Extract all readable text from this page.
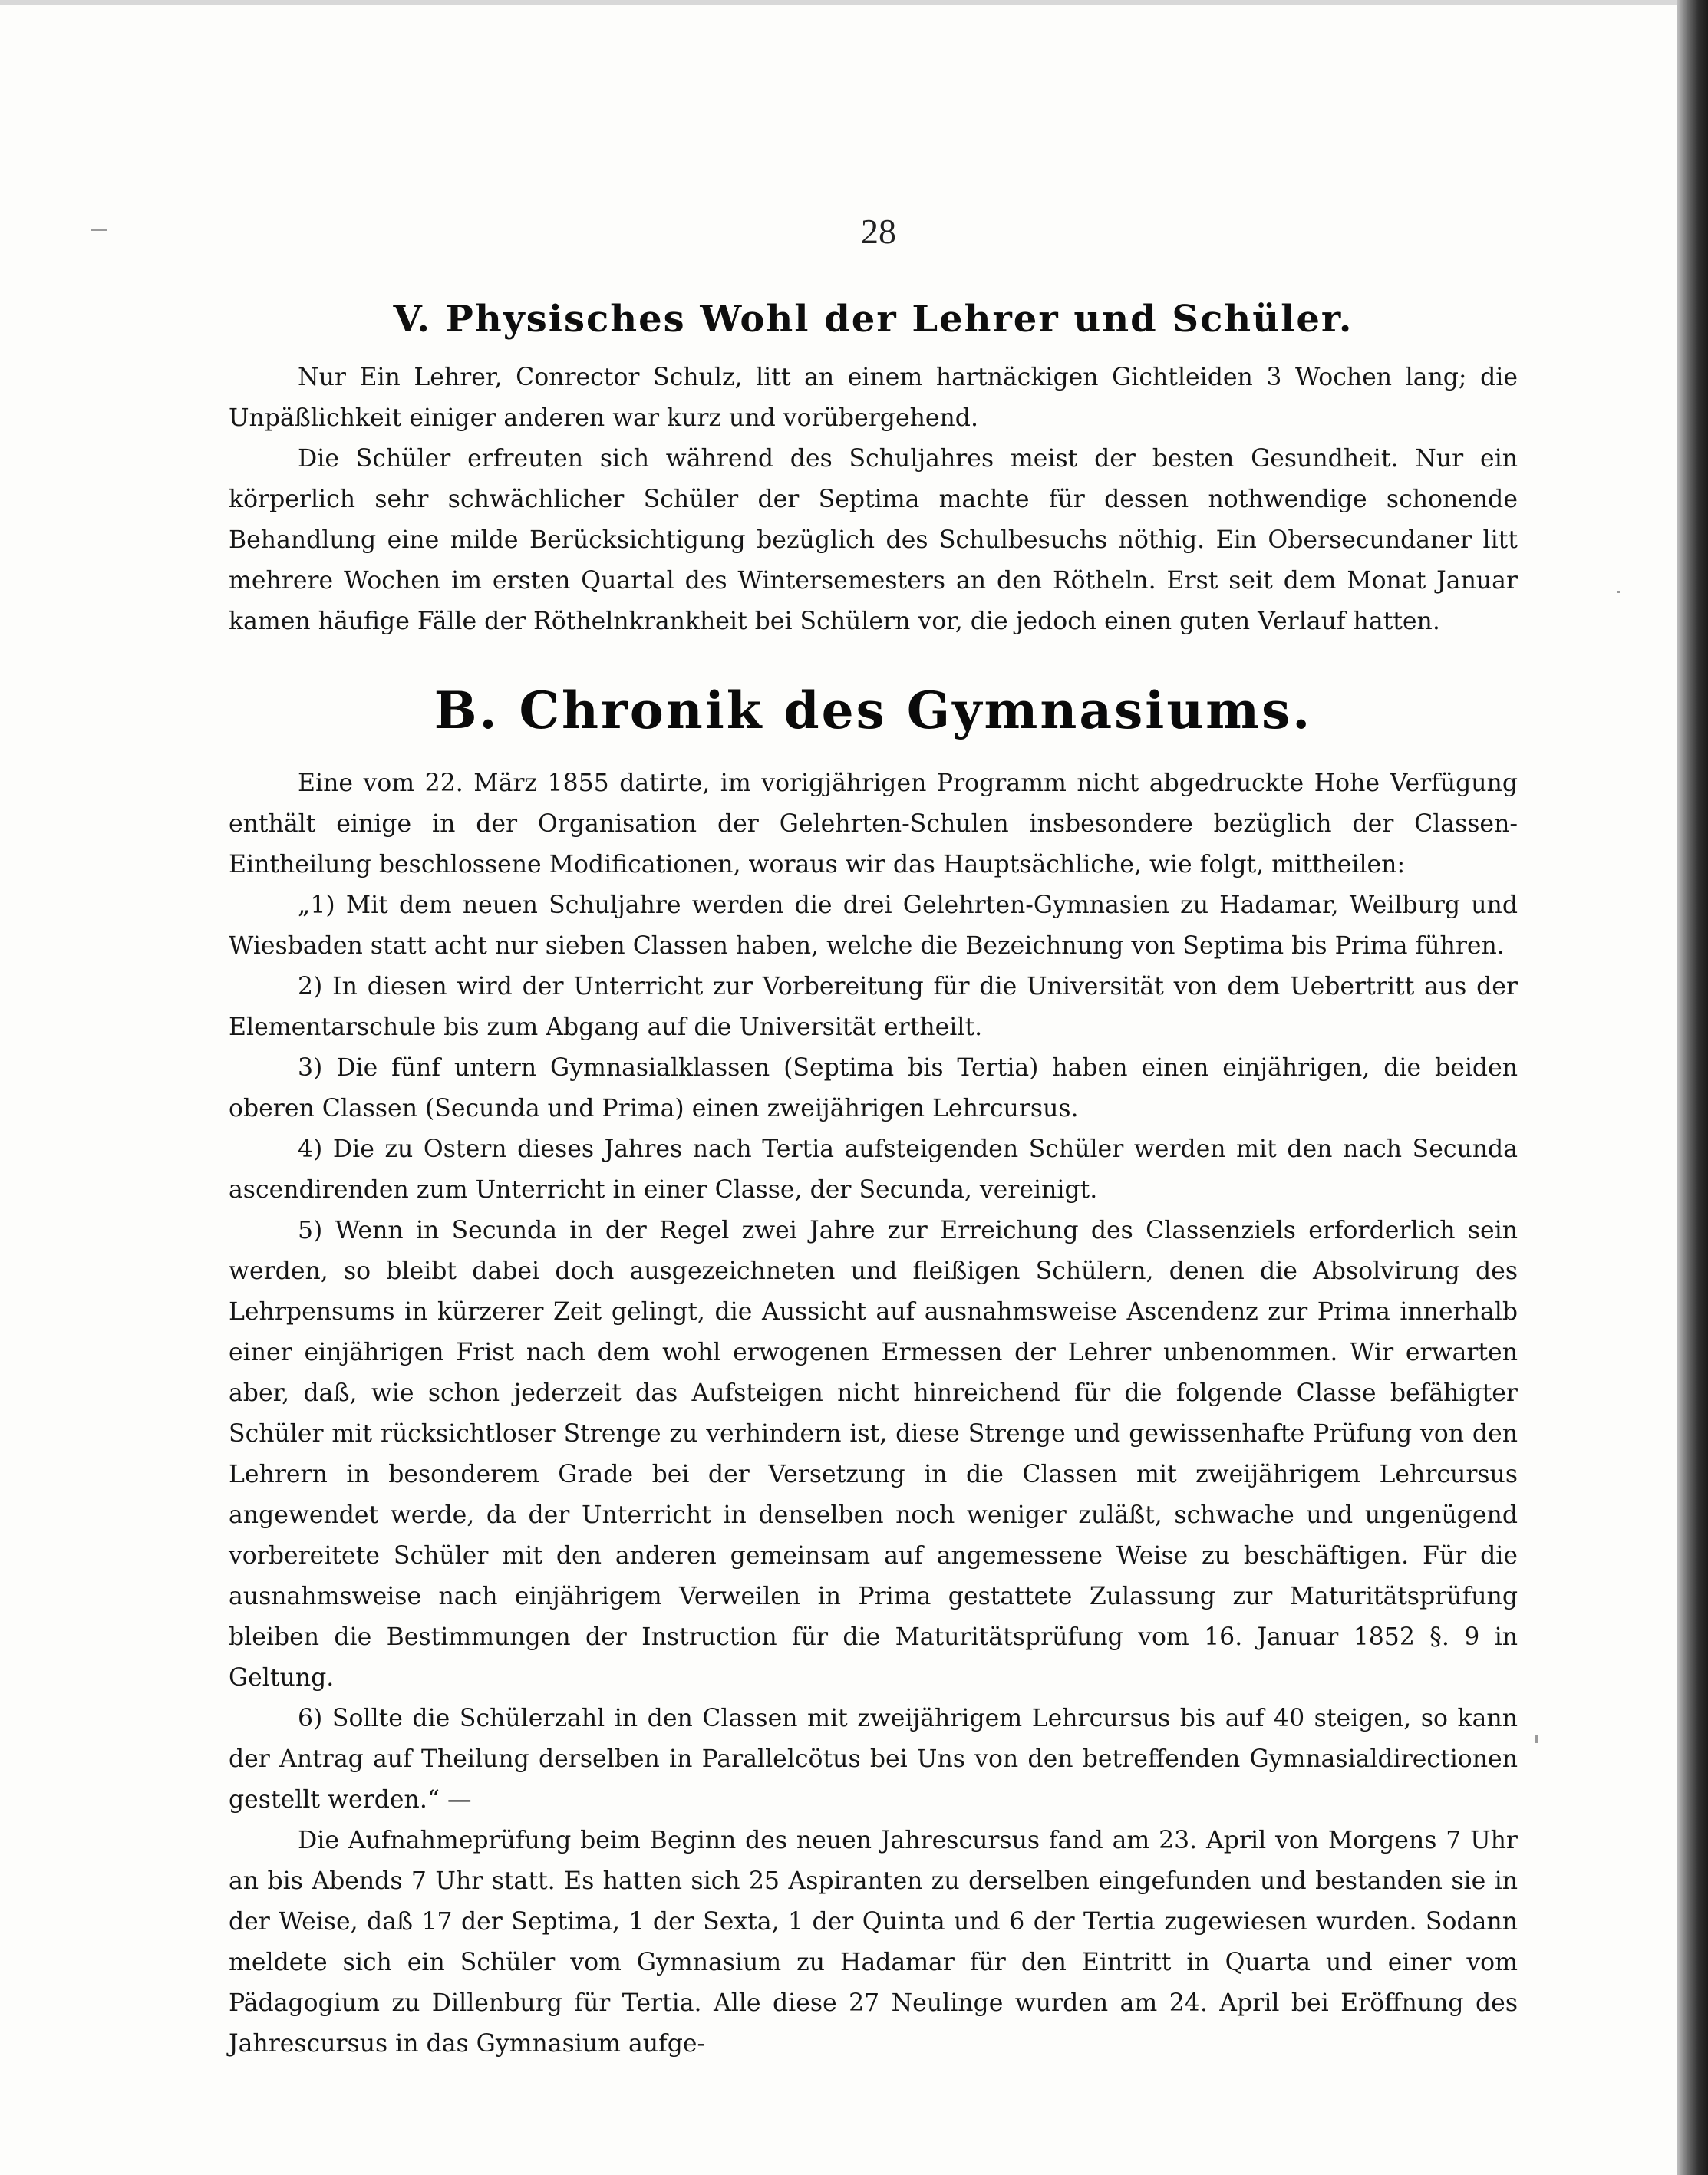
28
V. Physisches Wohl der Lehrer und Schüler.

Nur Ein Lehrer, Conrector Schulz, litt an einem hartnäckigen Gichtleiden 3 Wochen lang; die Unpäßlichkeit einiger anderen war kurz und vorübergehend.

Die Schüler erfreuten sich während des Schuljahres meist der besten Gesundheit. Nur ein körperlich sehr schwächlicher Schüler der Septima machte für dessen nothwendige schonende Behandlung eine milde Berücksichtigung bezüglich des Schulbesuchs nöthig. Ein Obersecundaner litt mehrere Wochen im ersten Quartal des Wintersemesters an den Rötheln. Erst seit dem Monat Januar kamen häufige Fälle der Röthelnkrankheit bei Schülern vor, die jedoch einen guten Verlauf hatten.

B. Chronik des Gymnasiums.

Eine vom 22. März 1855 datirte, im vorigjährigen Programm nicht abgedruckte Hohe Verfügung enthält einige in der Organisation der Gelehrten-Schulen insbesondere bezüglich der Classen-Eintheilung beschlossene Modificationen, woraus wir das Hauptsächliche, wie folgt, mittheilen:

„1) Mit dem neuen Schuljahre werden die drei Gelehrten-Gymnasien zu Hadamar, Weilburg und Wiesbaden statt acht nur sieben Classen haben, welche die Bezeichnung von Septima bis Prima führen.

2) In diesen wird der Unterricht zur Vorbereitung für die Universität von dem Uebertritt aus der Elementarschule bis zum Abgang auf die Universität ertheilt.

3) Die fünf untern Gymnasialklassen (Septima bis Tertia) haben einen einjährigen, die beiden oberen Classen (Secunda und Prima) einen zweijährigen Lehrcursus.

4) Die zu Ostern dieses Jahres nach Tertia aufsteigenden Schüler werden mit den nach Secunda ascendirenden zum Unterricht in einer Classe, der Secunda, vereinigt.

5) Wenn in Secunda in der Regel zwei Jahre zur Erreichung des Classenziels erforderlich sein werden, so bleibt dabei doch ausgezeichneten und fleißigen Schülern, denen die Absolvirung des Lehrpensums in kürzerer Zeit gelingt, die Aussicht auf ausnahmsweise Ascendenz zur Prima innerhalb einer einjährigen Frist nach dem wohl erwogenen Ermessen der Lehrer unbenommen. Wir erwarten aber, daß, wie schon jederzeit das Aufsteigen nicht hinreichend für die folgende Classe befähigter Schüler mit rücksichtloser Strenge zu verhindern ist, diese Strenge und gewissenhafte Prüfung von den Lehrern in besonderem Grade bei der Versetzung in die Classen mit zweijährigem Lehrcursus angewendet werde, da der Unterricht in denselben noch weniger zuläßt, schwache und ungenügend vorbereitete Schüler mit den anderen gemeinsam auf angemessene Weise zu beschäftigen. Für die ausnahmsweise nach einjährigem Verweilen in Prima gestattete Zulassung zur Maturitätsprüfung bleiben die Bestimmungen der Instruction für die Maturitätsprüfung vom 16. Januar 1852 §. 9 in Geltung.

6) Sollte die Schülerzahl in den Classen mit zweijährigem Lehrcursus bis auf 40 steigen, so kann der Antrag auf Theilung derselben in Parallelcötus bei Uns von den betreffenden Gymnasialdirectionen gestellt werden.“ —

Die Aufnahmeprüfung beim Beginn des neuen Jahrescursus fand am 23. April von Morgens 7 Uhr an bis Abends 7 Uhr statt. Es hatten sich 25 Aspiranten zu derselben eingefunden und bestanden sie in der Weise, daß 17 der Septima, 1 der Sexta, 1 der Quinta und 6 der Tertia zugewiesen wurden. Sodann meldete sich ein Schüler vom Gymnasium zu Hadamar für den Eintritt in Quarta und einer vom Pädagogium zu Dillenburg für Tertia. Alle diese 27 Neulinge wurden am 24. April bei Eröffnung des Jahrescursus in das Gymnasium aufge-
